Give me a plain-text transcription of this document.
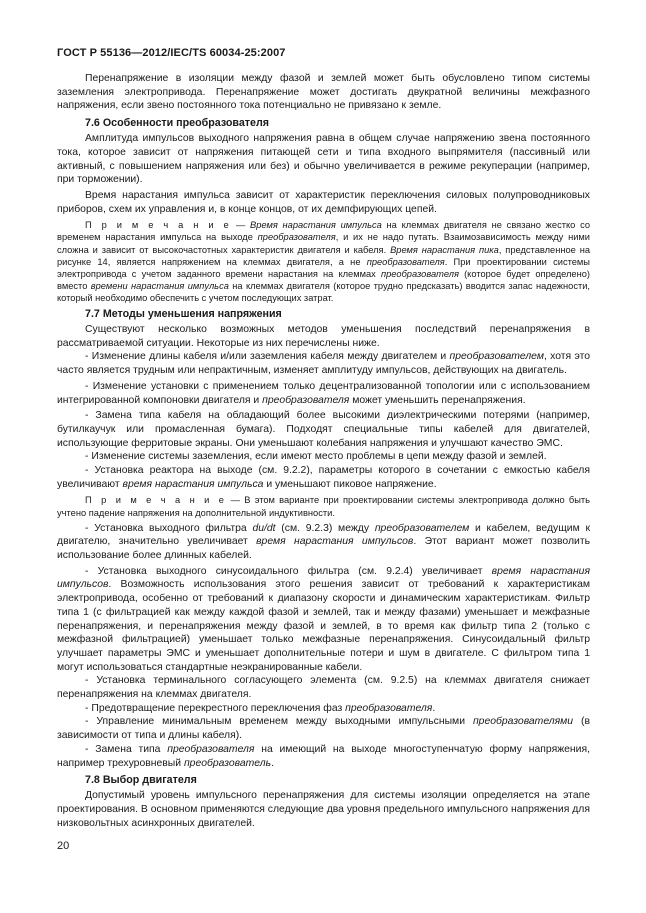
ГОСТ Р 55136—2012/IEC/TS 60034-25:2007

Перенапряжение в изоляции между фазой и землей может быть обусловлено типом системы заземления электропривода. Перенапряжение может достигать двукратной величины межфазного напряжения, если звено постоянного тока потенциально не привязано к земле.

7.6 Особенности преобразователя

Амплитуда импульсов выходного напряжения равна в общем случае напряжению звена постоянного тока, которое зависит от напряжения питающей сети и типа входного выпрямителя (пассивный или активный, с повышением напряжения или без) и обычно увеличивается в режиме рекуперации (например, при торможении).

Время нарастания импульса зависит от характеристик переключения силовых полупроводниковых приборов, схем их управления и, в конце концов, от их демпфирующих цепей.

П р и м е ч а н и е — Время нарастания импульса на клеммах двигателя не связано жестко со временем нарастания импульса на выходе преобразователя, и их не надо путать. Взаимозависимость между ними сложна и зависит от высокочастотных характеристик двигателя и кабеля. Время нарастания пика, представленное на рисунке 14, является напряжением на клеммах двигателя, а не преобразователя. При проектировании системы электропривода с учетом заданного времени нарастания на клеммах преобразователя (которое будет определено) вместо времени нарастания импульса на клеммах двигателя (которое трудно предсказать) вводится запас надежности, который необходимо обеспечить с учетом последующих затрат.

7.7 Методы уменьшения напряжения

Существуют несколько возможных методов уменьшения последствий перенапряжения в рассматриваемой ситуации. Некоторые из них перечислены ниже.

- Изменение длины кабеля и/или заземления кабеля между двигателем и преобразователем, хотя это часто является трудным или непрактичным, изменяет амплитуду импульсов, действующих на двигатель.

- Изменение установки с применением только децентрализованной топологии или с использованием интегрированной компоновки двигателя и преобразователя может уменьшить перенапряжения.

- Замена типа кабеля на обладающий более высокими диэлектрическими потерями (например, бутилкаучук или промасленная бумага). Подходят специальные типы кабелей для двигателей, использующие ферритовые экраны. Они уменьшают колебания напряжения и улучшают качество ЭМС.

- Изменение системы заземления, если имеют место проблемы в цепи между фазой и землей.

- Установка реактора на выходе (см. 9.2.2), параметры которого в сочетании с емкостью кабеля увеличивают время нарастания импульса и уменьшают пиковое напряжение.

П р и м е ч а н и е — В этом варианте при проектировании системы электропривода должно быть учтено падение напряжения на дополнительной индуктивности.

- Установка выходного фильтра du/dt (см. 9.2.3) между преобразователем и кабелем, ведущим к двигателю, значительно увеличивает время нарастания импульсов. Этот вариант может позволить использование более длинных кабелей.

- Установка выходного синусоидального фильтра (см. 9.2.4) увеличивает время нарастания импульсов. Возможность использования этого решения зависит от требований к характеристикам электропривода, особенно от требований к диапазону скорости и динамическим характеристикам. Фильтр типа 1 (с фильтрацией как между каждой фазой и землей, так и между фазами) уменьшает и межфазные перенапряжения, и перенапряжения между фазой и землей, в то время как фильтр типа 2 (только с межфазной фильтрацией) уменьшает только межфазные перенапряжения. Синусоидальный фильтр улучшает параметры ЭМС и уменьшает дополнительные потери и шум в двигателе. С фильтром типа 1 могут использоваться стандартные неэкранированные кабели.

- Установка терминального согласующего элемента (см. 9.2.5) на клеммах двигателя снижает перенапряжения на клеммах двигателя.

- Предотвращение перекрестного переключения фаз преобразователя.

- Управление минимальным временем между выходными импульсными преобразователями (в зависимости от типа и длины кабеля).

- Замена типа преобразователя на имеющий на выходе многоступенчатую форму напряжения, например трехуровневый преобразователь.

7.8 Выбор двигателя

Допустимый уровень импульсного перенапряжения для системы изоляции определяется на этапе проектирования. В основном применяются следующие два уровня предельного импульсного напряжения для низковольтных асинхронных двигателей.

20
